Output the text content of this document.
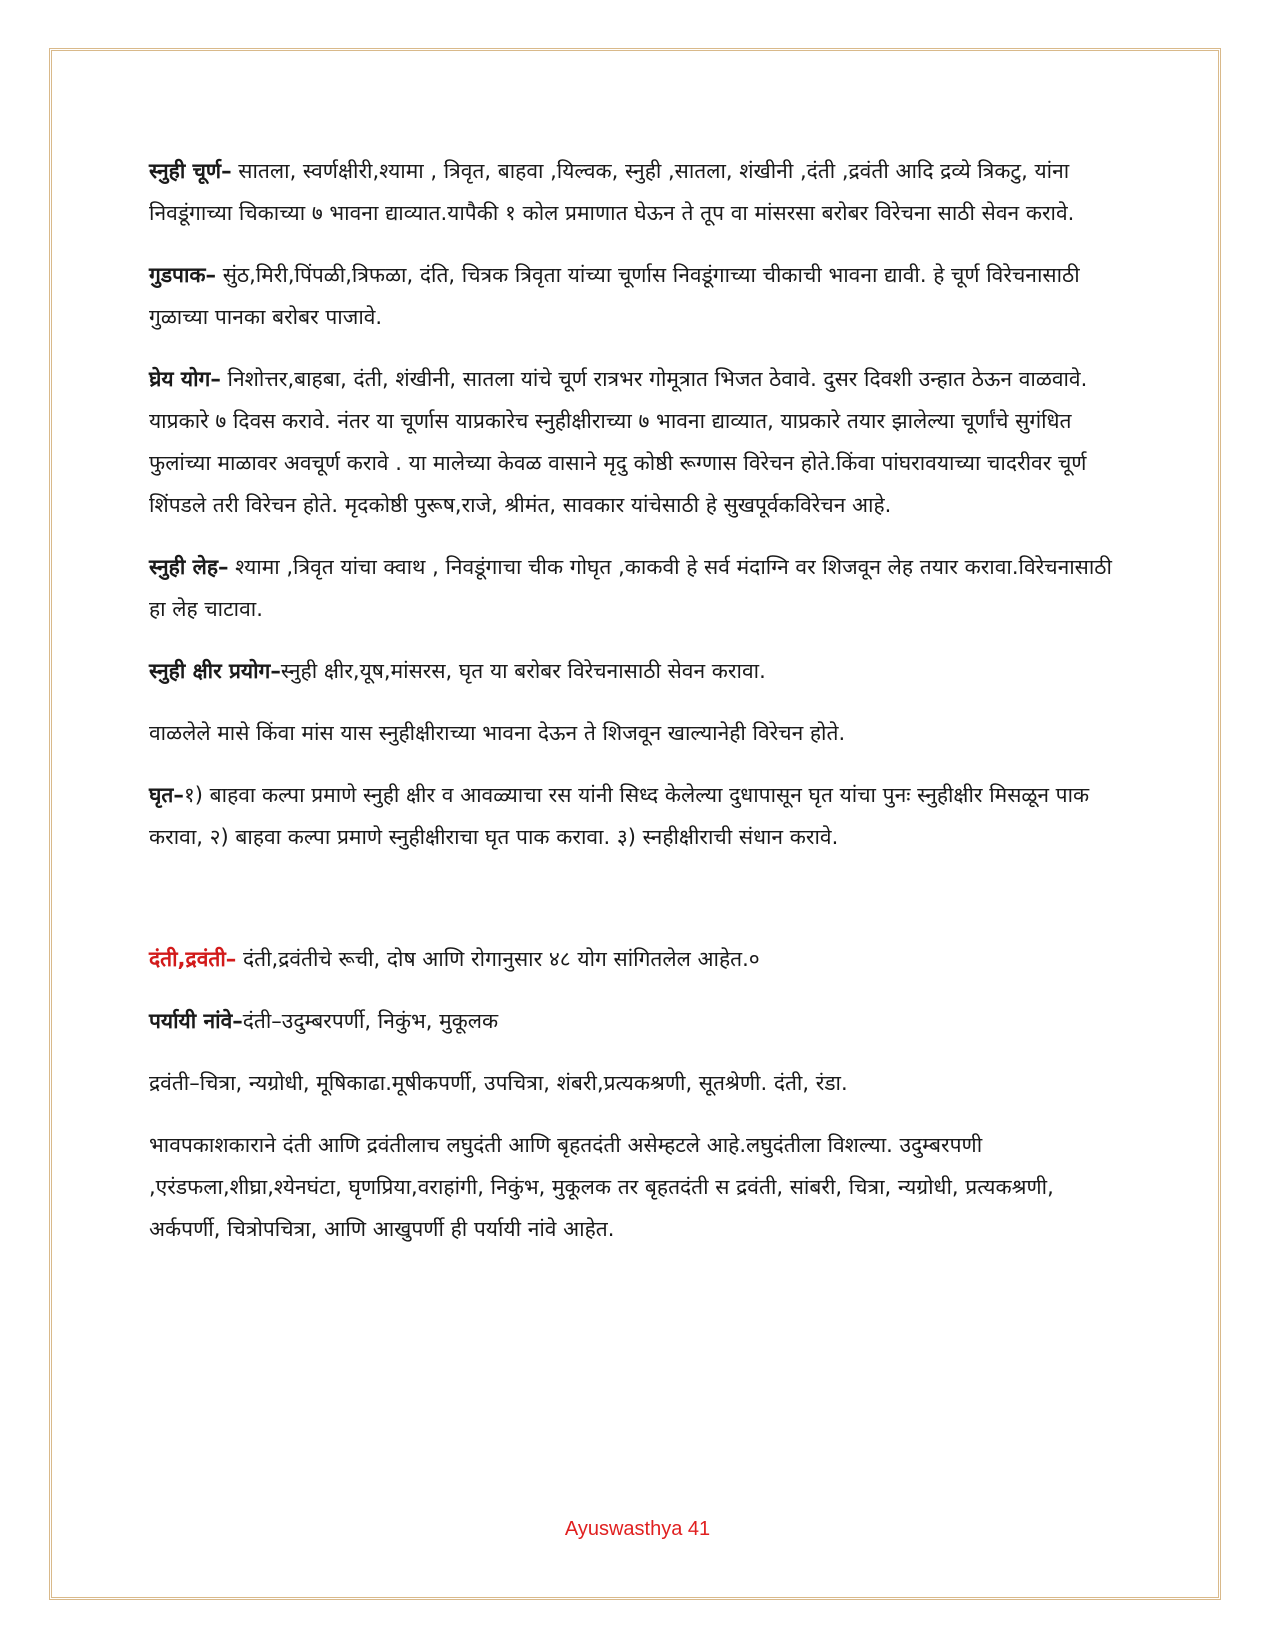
स्नुही चूर्ण– सातला, स्वर्णक्षीरी,श्यामा , त्रिवृत, बाहवा ,यिल्वक, स्नुही ,सातला, शंखीनी ,दंती ,द्रवंती आदि द्रव्ये त्रिकटु, यांना निवडूंगाच्या चिकाच्या ७ भावना द्याव्यात.यापैकी १ कोल प्रमाणात घेऊन ते तूप वा मांसरसा बरोबर विरेचना साठी सेवन करावे.

गुडपाक– सुंठ,मिरी,पिंपळी,त्रिफळा, दंति, चित्रक त्रिवृता यांच्या चूर्णास निवडूंगाच्या चीकाची भावना द्यावी. हे चूर्ण विरेचनासाठी गुळाच्या पानका बरोबर पाजावे.

घ्रेय योग– निशोत्तर,बाहबा, दंती, शंखीनी, सातला यांचे चूर्ण रात्रभर गोमूत्रात भिजत ठेवावे. दुसर दिवशी उन्हात ठेऊन वाळवावे. याप्रकारे ७ दिवस करावे. नंतर या चूर्णास याप्रकारेच स्नुहीक्षीराच्या ७ भावना द्याव्यात, याप्रकारे तयार झालेल्या चूर्णांचे सुगंधित फुलांच्या माळावर अवचूर्ण करावे . या मालेच्या केवळ वासाने मृदु कोष्ठी रूग्णास विरेचन होते.किंवा पांघरावयाच्या चादरीवर चूर्ण शिंपडले तरी विरेचन होते. मृदकोष्ठी पुरूष,राजे, श्रीमंत, सावकार यांचेसाठी हे सुखपूर्वकविरेचन आहे.

स्नुही लेह– श्यामा ,त्रिवृत यांचा क्वाथ , निवडूंगाचा चीक गोघृत ,काकवी हे सर्व मंदाग्नि वर शिजवून लेह तयार करावा.विरेचनासाठी हा लेह चाटावा.

स्नुही क्षीर प्रयोग–स्नुही क्षीर,यूष,मांसरस, घृत या बरोबर विरेचनासाठी सेवन करावा.

वाळलेले मासे किंवा मांस यास स्नुहीक्षीराच्या भावना देऊन ते शिजवून खाल्यानेही विरेचन होते.

घृत–१) बाहवा कल्पा प्रमाणे स्नुही क्षीर व आवळ्याचा रस यांनी सिध्द केलेल्या दुधापासून घृत यांचा पुनः स्नुहीक्षीर मिसळून पाक करावा, २) बाहवा कल्पा प्रमाणे स्नुहीक्षीराचा घृत पाक करावा. ३) स्नहीक्षीराची संधान करावे.

दंती,द्रवंती– दंती,द्रवंतीचे रूची, दोष आणि रोगानुसार ४८ योग सांगितलेल आहेत.०

पर्यायी नांवे–दंती–उदुम्बरपर्णी, निकुंभ, मुकूलक

द्रवंती–चित्रा, न्यग्रोधी, मूषिकाढा.मूषीकपर्णी, उपचित्रा, शंबरी,प्रत्यकश्रणी, सूतश्रेणी. दंती, रंडा.

भावपकाशकाराने दंती आणि द्रवंतीलाच लघुदंती आणि बृहतदंती असेम्हटले आहे.लघुदंतीला विशल्या. उदुम्बरपणी ,एरंडफला,शीघ्रा,श्येनघंटा, घृणप्रिया,वराहांगी, निकुंभ, मुकूलक तर बृहतदंती स द्रवंती, सांबरी, चित्रा, न्यग्रोधी, प्रत्यकश्रणी, अर्कपर्णी, चित्रोपचित्रा, आणि आखुपर्णी ही पर्यायी नांवे आहेत.

Ayuswasthya 41
